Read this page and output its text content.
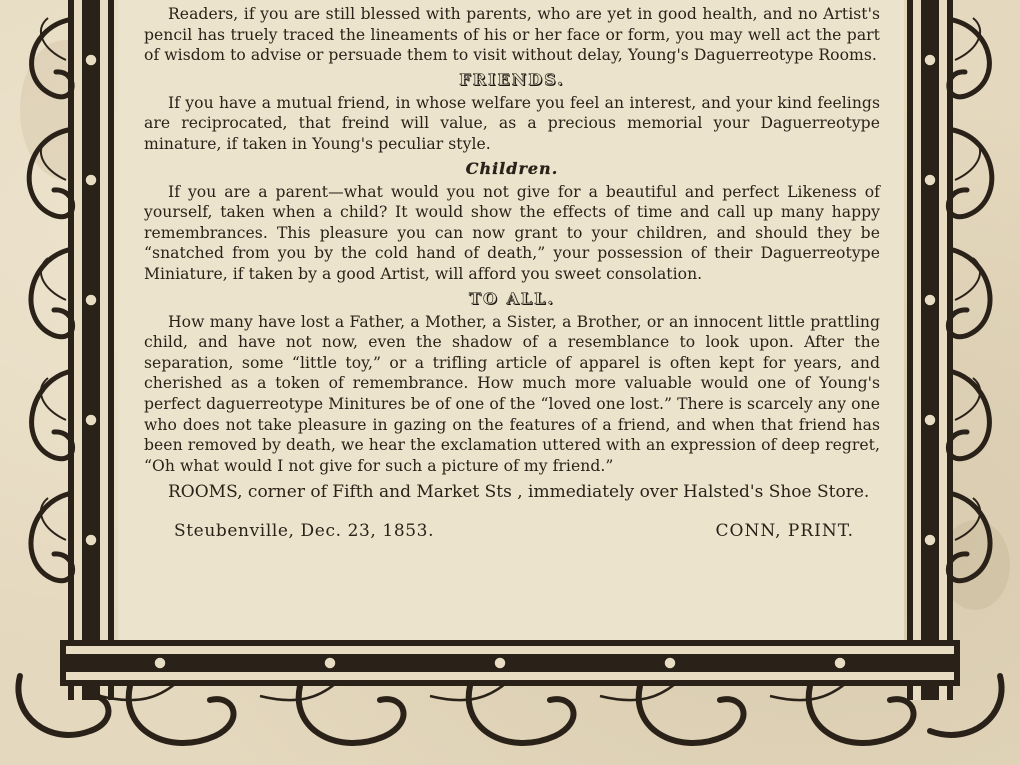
Readers, if you are still blessed with parents, who are yet in good health, and no Artist's pencil has truely traced the lineaments of his or her face or form, you may well act the part of wisdom to advise or persuade them to visit without delay, Young's Daguerreotype Rooms.

FRIENDS.

If you have a mutual friend, in whose welfare you feel an interest, and your kind feelings are reciprocated, that freind will value, as a precious memorial your Daguerreotype minature, if taken in Young's peculiar style.

Children.

If you are a parent—what would you not give for a beautiful and perfect Likeness of yourself, taken when a child? It would show the effects of time and call up many happy remembrances. This pleasure you can now grant to your children, and should they be “snatched from you by the cold hand of death,” your possession of their Daguerreotype Miniature, if taken by a good Artist, will afford you sweet consolation.

TO ALL.

How many have lost a Father, a Mother, a Sister, a Brother, or an innocent little prattling child, and have not now, even the shadow of a resemblance to look upon. After the separation, some “little toy,” or a trifling article of apparel is often kept for years, and cherished as a token of remembrance. How much more valuable would one of Young's perfect daguerreotype Minitures be of one of the “loved one lost.” There is scarcely any one who does not take pleasure in gazing on the features of a friend, and when that friend has been removed by death, we hear the exclamation uttered with an expression of deep regret, “Oh what would I not give for such a picture of my friend.”

ROOMS, corner of Fifth and Market Sts , immediately over Halsted's Shoe Store.

Steubenville, Dec. 23, 1853.	CONN, PRINT.
